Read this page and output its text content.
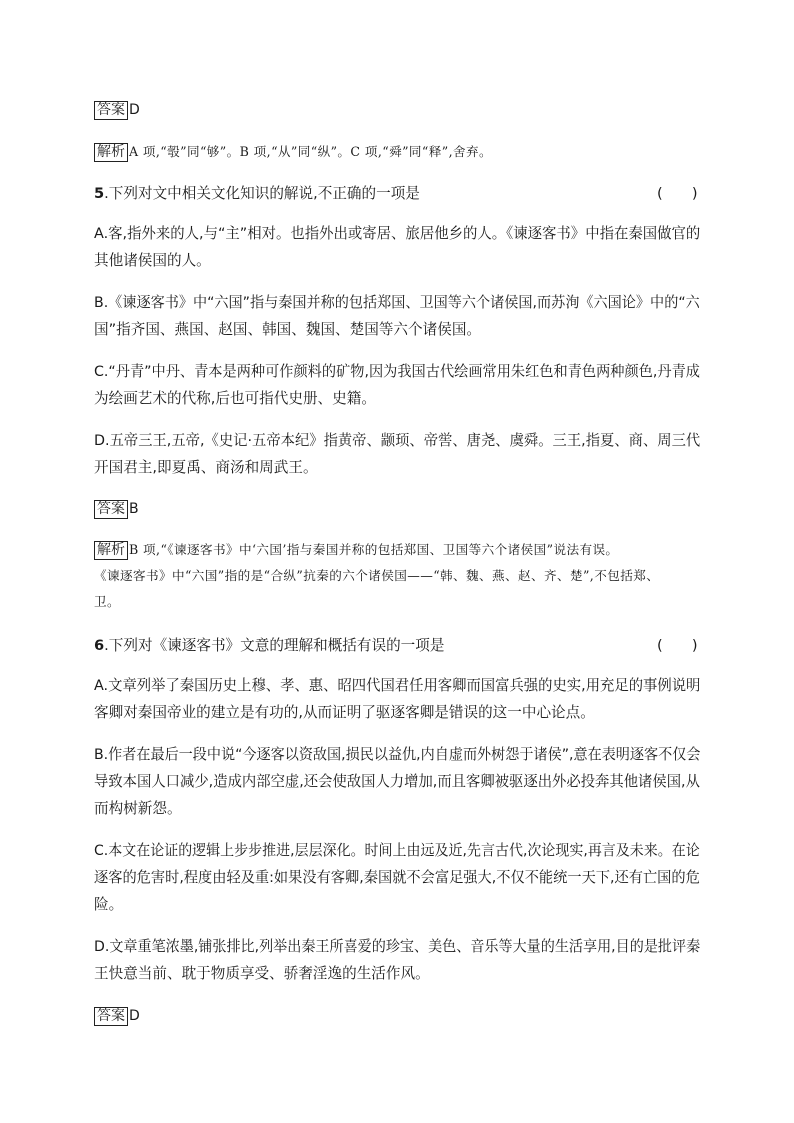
答案 D
解析 A 项,“彀”同“够”。B 项,“从”同“纵”。C 项,“舜”同“释”,舍弃。
5.下列对文中相关文化知识的解说,不正确的一项是	(　　)
A.客,指外来的人,与“主”相对。也指外出或寄居、旅居他乡的人。《谏逐客书》中指在秦国做官的
其他诸侯国的人。
B.《谏逐客书》中“六国”指与秦国并称的包括郑国、卫国等六个诸侯国,而苏洵《六国论》中的“六
国”指齐国、燕国、赵国、韩国、魏国、楚国等六个诸侯国。
C.“丹青”中丹、青本是两种可作颜料的矿物,因为我国古代绘画常用朱红色和青色两种颜色,丹青成
为绘画艺术的代称,后也可指代史册、史籍。
D.五帝三王,五帝,《史记·五帝本纪》指黄帝、颛顼、帝喾、唐尧、虞舜。三王,指夏、商、周三代
开国君主,即夏禹、商汤和周武王。
答案 B
解析 B 项,“《谏逐客书》中‘六国’指与秦国并称的包括郑国、卫国等六个诸侯国”说法有误。
《谏逐客书》中“六国”指的是“合纵”抗秦的六个诸侯国——“韩、魏、燕、赵、齐、楚”,不包括郑、
卫。
6.下列对《谏逐客书》文意的理解和概括有误的一项是	(　　)
A.文章列举了秦国历史上穆、孝、惠、昭四代国君任用客卿而国富兵强的史实,用充足的事例说明
客卿对秦国帝业的建立是有功的,从而证明了驱逐客卿是错误的这一中心论点。
B.作者在最后一段中说“今逐客以资敌国,损民以益仇,内自虚而外树怨于诸侯”,意在表明逐客不仅会
导致本国人口减少,造成内部空虚,还会使敌国人力增加,而且客卿被驱逐出外必投奔其他诸侯国,从
而构树新怨。
C.本文在论证的逻辑上步步推进,层层深化。时间上由远及近,先言古代,次论现实,再言及未来。在论
逐客的危害时,程度由轻及重:如果没有客卿,秦国就不会富足强大,不仅不能统一天下,还有亡国的危
险。
D.文章重笔浓墨,铺张排比,列举出秦王所喜爱的珍宝、美色、音乐等大量的生活享用,目的是批评秦
王快意当前、耽于物质享受、骄奢淫逸的生活作风。
答案 D
